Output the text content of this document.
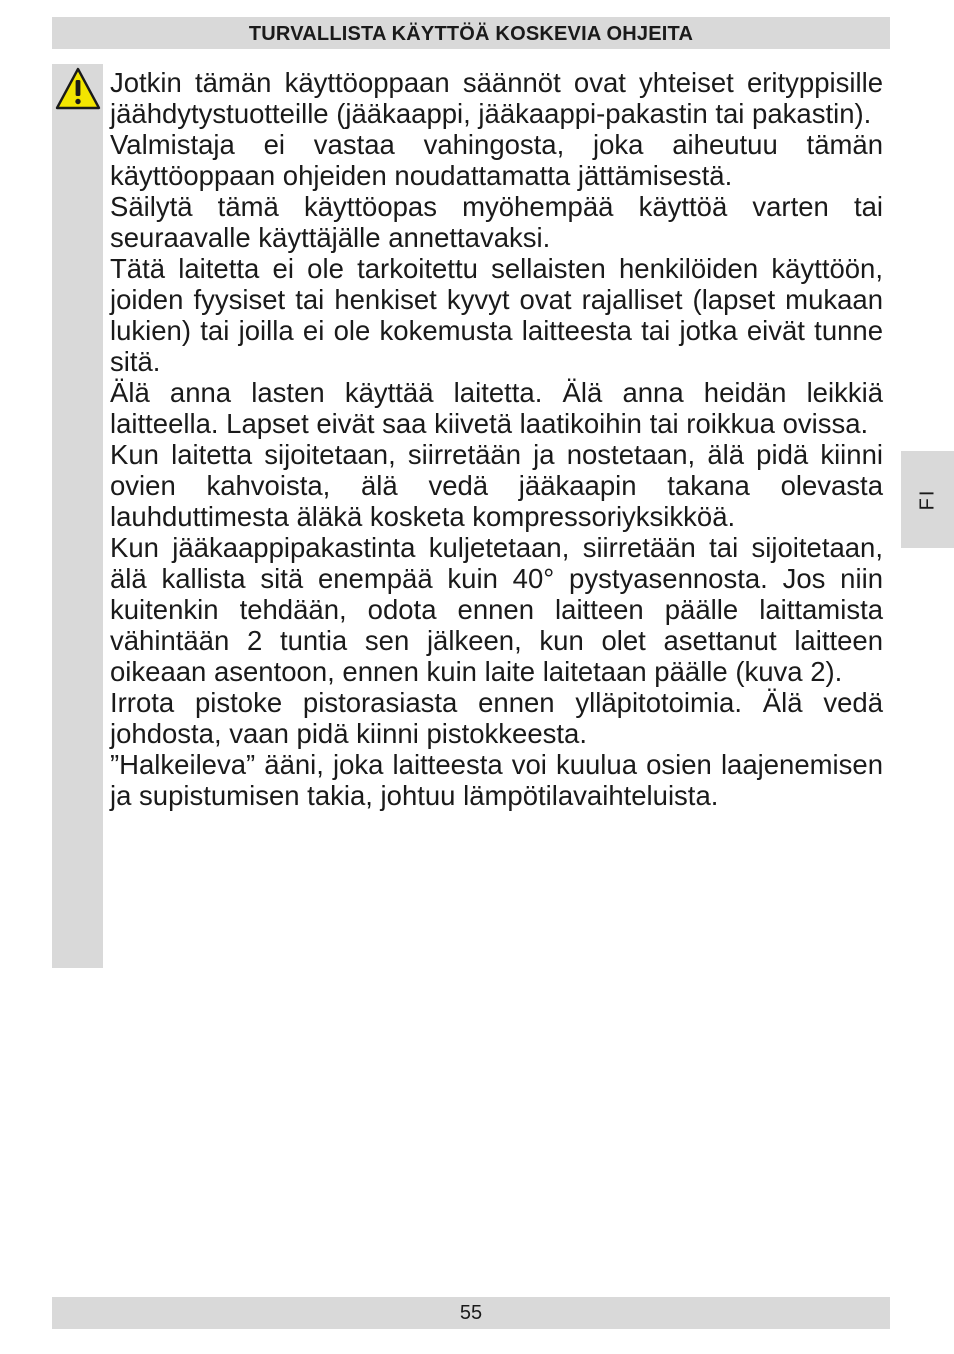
TURVALLISTA KÄYTTÖÄ KOSKEVIA OHJEITA

Jotkin tämän käyttöoppaan säännöt ovat yhteiset erityppisille jäähdytystuotteille (jääkaappi, jääkaappi-pakastin tai pakastin).

Valmistaja ei vastaa vahingosta, joka aiheutuu tämän käyttöoppaan ohjeiden noudattamatta jättämisestä.

Säilytä tämä käyttöopas myöhempää käyttöä varten tai seuraavalle käyttäjälle annettavaksi.

Tätä laitetta ei ole tarkoitettu sellaisten henkilöiden käyttöön, joiden fyysiset tai henkiset kyvyt ovat rajalliset (lapset mukaan lukien) tai joilla ei ole kokemusta laitteesta tai jotka eivät tunne sitä.

Älä anna lasten käyttää laitetta. Älä anna heidän leikkiä laitteella. Lapset eivät saa kiivetä laatikoihin tai roikkua ovissa.

Kun laitetta sijoitetaan, siirretään ja nostetaan, älä pidä kiinni ovien kahvoista, älä vedä jääkaapin takana olevasta lauhduttimesta äläkä kosketa kompressoriyksikköä.

Kun jääkaappipakastinta kuljetetaan, siirretään tai sijoitetaan, älä kallista sitä enempää kuin 40° pystyasennosta. Jos niin kuitenkin tehdään, odota ennen laitteen päälle laittamista vähintään 2 tuntia sen jälkeen, kun olet asettanut laitteen oikeaan asentoon, ennen kuin laite laitetaan päälle (kuva 2).

Irrota pistoke pistorasiasta ennen ylläpitotoimia. Älä vedä johdosta, vaan pidä kiinni pistokkeesta.

”Halkeileva” ääni, joka laitteesta voi kuulua osien laajenemisen ja supistumisen takia, johtuu lämpötilavaihteluista.

FI
55
